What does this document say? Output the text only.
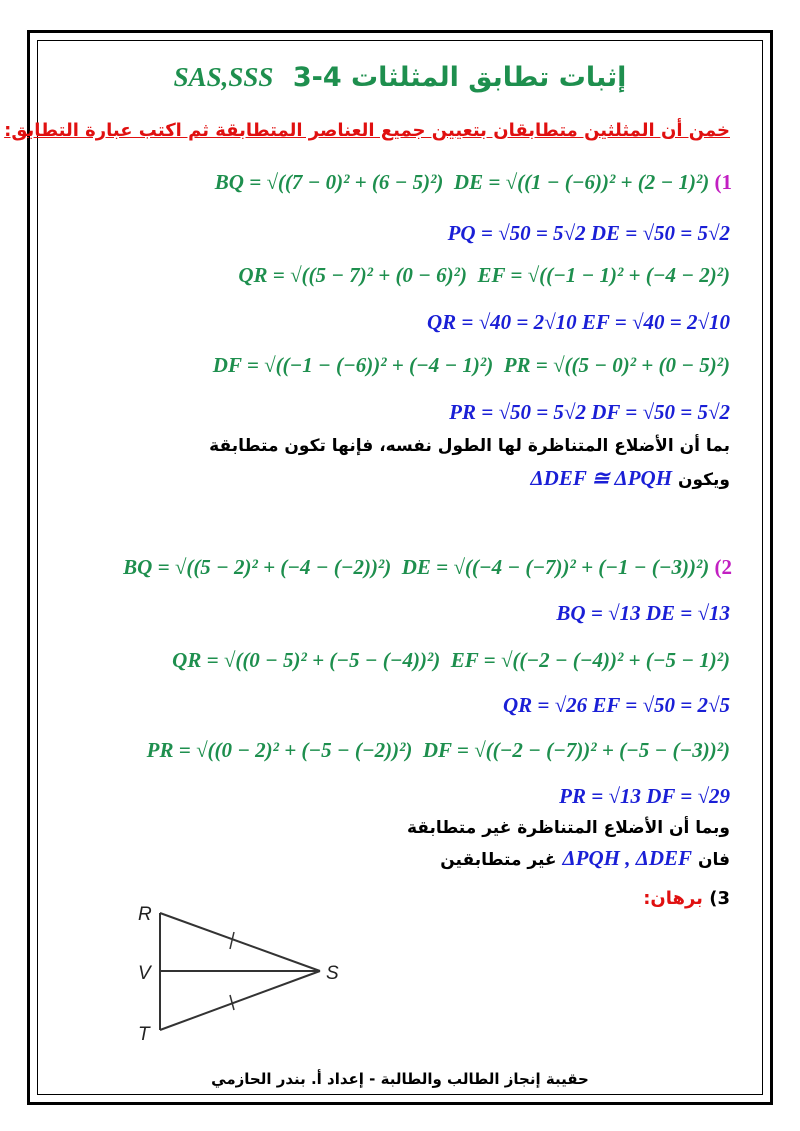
SAS,SSS 3-4 إثبات تطابق المثلثات
خمن أن المثلثين متطابقان بتعيين جميع العناصر المتطابقة ثم اكتب عبارة التطابق:
BQ = √((7 − 0)² + (6 − 5)²) DE = √((1 − (−6))² + (2 − 1)²) (1
PQ = √50 = 5√2 DE = √50 = 5√2
QR = √((5 − 7)² + (0 − 6)²) EF = √((−1 − 1)² + (−4 − 2)²)
QR = √40 = 2√10 EF = √40 = 2√10
DF = √((−1 − (−6))² + (−4 − 1)²) PR = √((5 − 0)² + (0 − 5)²)
PR = √50 = 5√2 DF = √50 = 5√2
بما أن الأضلاع المتناظرة لها الطول نفسه، فإنها تكون متطابقة
ويكون ΔDEF ≅ ΔPQH
BQ = √((5 − 2)² + (−4 − (−2))²) DE = √((−4 − (−7))² + (−1 − (−3))²) (2
BQ = √13 DE = √13
QR = √((0 − 5)² + (−5 − (−4))²) EF = √((−2 − (−4))² + (−5 − 1)²)
QR = √26 EF = √50 = 2√5
PR = √((0 − 2)² + (−5 − (−2))²) DF = √((−2 − (−7))² + (−5 − (−3))²)
PR = √13 DF = √29
وبما أن الأضلاع المتناظرة غير متطابقة
فان ΔPQH , ΔDEF غير متطابقين
3) برهان:
R
V
T
S
حقيبة إنجاز الطالب والطالبة - إعداد أ. بندر الحازمي
